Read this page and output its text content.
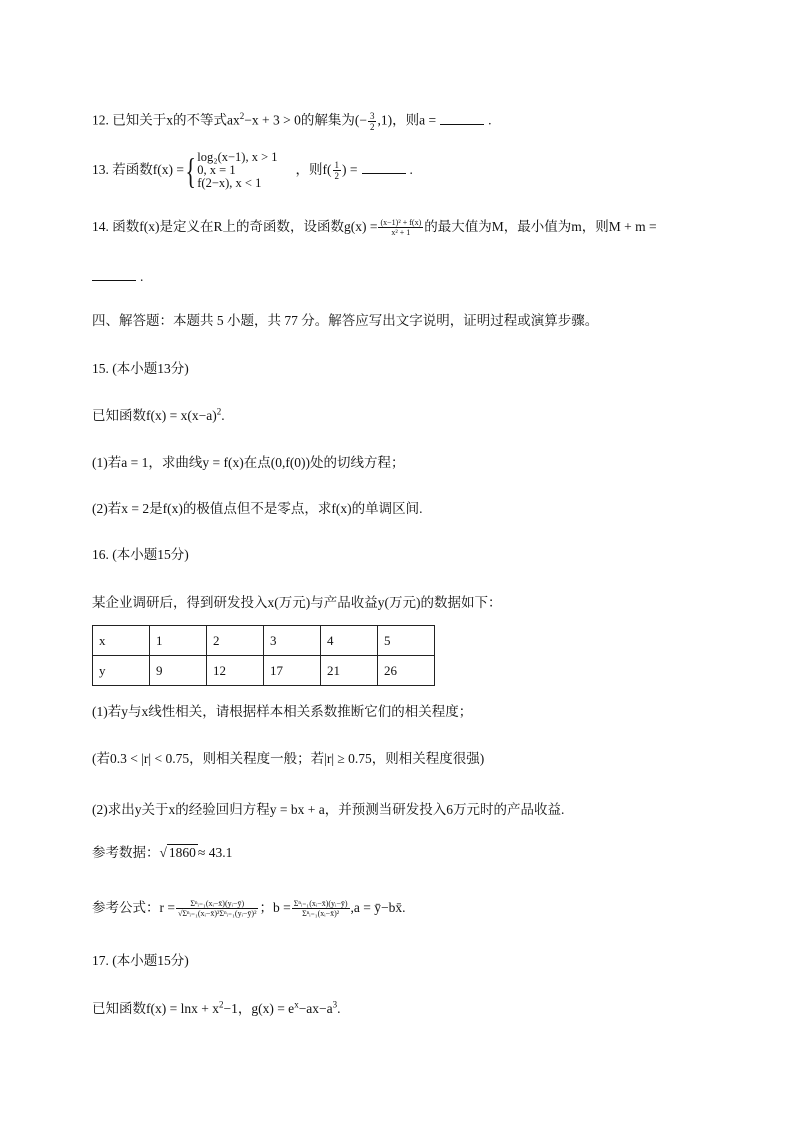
12. 已知关于x的不等式$ax^2-x + 3 > 0$的解集为(− $\frac{3}{2} ,1$)，则a =	.
13. 若函数f(x) ={ log₂(x−1), x > 1
0, x = 1
f(2−x), x < 1
，则$f( \frac{1}{2}$ ) =	.
14. 函数f(x)是定义在R上的奇函数，设函数$g(x) = \frac{\text{(x−1)² + f(x)}}{\text{x² + 1}}$ 的最大值为M，最小值为m，则M + m =
.
四、解答题：本题共 5 小题，共 77 分。解答应写出文字说明，证明过程或演算步骤。
15. (本小题13分)
已知函数$f(x) = x(x-a)^2$.
(1)若a = 1，求曲线y = f(x)在点(0,f(0))处的切线方程；
(2)若x = 2是f(x)的极值点但不是零点，求f(x)的单调区间.
16. (本小题15分)
某企业调研后，得到研发投入x(万元)与产品收益y(万元)的数据如下：
x	1	2	3	4	5
y	9	12	17	21	26
(1)若y与x线性相关，请根据样本相关系数推断它们的相关程度；
(若0.3 < |r| < 0.75，则相关程度一般；若|r| ≥ 0.75，则相关程度很强)
(2)求出y关于x的经验回归方程y = bx + a，并预测当研发投入6万元时的产品收益.
参考数据：√ 1860 ≈ 43.1
参考公式：$r = \frac{\text{Σⁿᵢ₌₁(xᵢ−x̄)(yᵢ−ȳ)}}{\text{√Σⁿᵢ₌₁(xᵢ−x̄)²Σⁿᵢ₌₁(yᵢ−ȳ)²}}$ ；$b = \frac{\text{Σⁿᵢ₌₁(xᵢ−x̄)(yᵢ−ȳ)}}{\text{Σⁿᵢ₌₁(xᵢ−x̄)²}} ,a$ = ȳ−bx̄.
17. (本小题15分)
已知函数$f(x) = \ln x + x^2-1$，$g(x) = e^x-ax-a^3$.
